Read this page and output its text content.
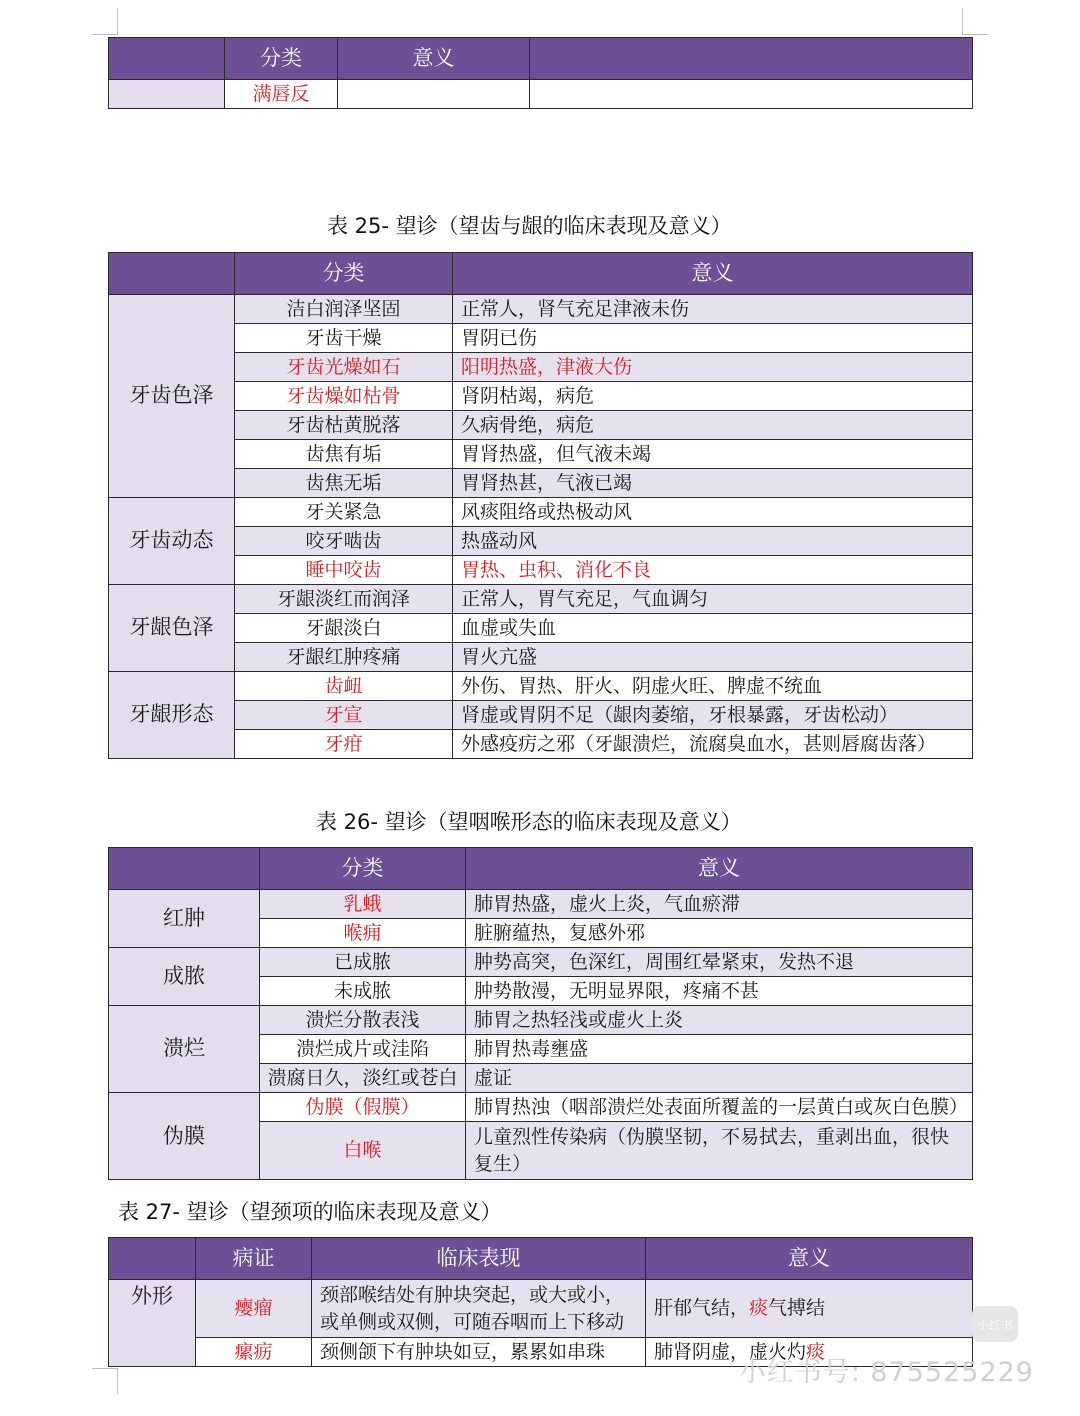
	分类	意义	
	满唇反		
表 25- 望诊（望齿与龈的临床表现及意义）
	分类	意义
牙齿色泽	洁白润泽坚固	正常人，肾气充足津液未伤
	牙齿干燥	胃阴已伤
	牙齿光燥如石	阳明热盛，津液大伤
	牙齿燥如枯骨	肾阴枯竭，病危
	牙齿枯黄脱落	久病骨绝，病危
	齿焦有垢	胃肾热盛，但气液未竭
	齿焦无垢	胃肾热甚，气液已竭
牙齿动态	牙关紧急	风痰阻络或热极动风
	咬牙啮齿	热盛动风
	睡中咬齿	胃热、虫积、消化不良
牙龈色泽	牙龈淡红而润泽	正常人，胃气充足，气血调匀
	牙龈淡白	血虚或失血
	牙龈红肿疼痛	胃火亢盛
牙龈形态	齿衄	外伤、胃热、肝火、阴虚火旺、脾虚不统血
	牙宣	肾虚或胃阴不足（龈肉萎缩，牙根暴露，牙齿松动）
	牙疳	外感疫疠之邪（牙龈溃烂，流腐臭血水，甚则唇腐齿落）
表 26- 望诊（望咽喉形态的临床表现及意义）
	分类	意义
红肿	乳蛾	肺胃热盛，虚火上炎，气血瘀滞
	喉痈	脏腑蕴热，复感外邪
成脓	已成脓	肿势高突，色深红，周围红晕紧束，发热不退
	未成脓	肿势散漫，无明显界限，疼痛不甚
溃烂	溃烂分散表浅	肺胃之热轻浅或虚火上炎
	溃烂成片或洼陷	肺胃热毒壅盛
	溃腐日久，淡红或苍白	虚证
伪膜	伪膜（假膜）	肺胃热浊（咽部溃烂处表面所覆盖的一层黄白或灰白色膜）
	白喉	儿童烈性传染病（伪膜坚韧，不易拭去，重剥出血，很快复生）
表 27- 望诊（望颈项的临床表现及意义）
	病证	临床表现	意义
外形	瘿瘤	颈部喉结处有肿块突起，或大或小，或单侧或双侧，可随吞咽而上下移动	肝郁气结，痰气搏结
	瘰疬	颈侧颌下有肿块如豆，累累如串珠	肺肾阴虚，虚火灼痰
小红书
小红书号: 875525229
